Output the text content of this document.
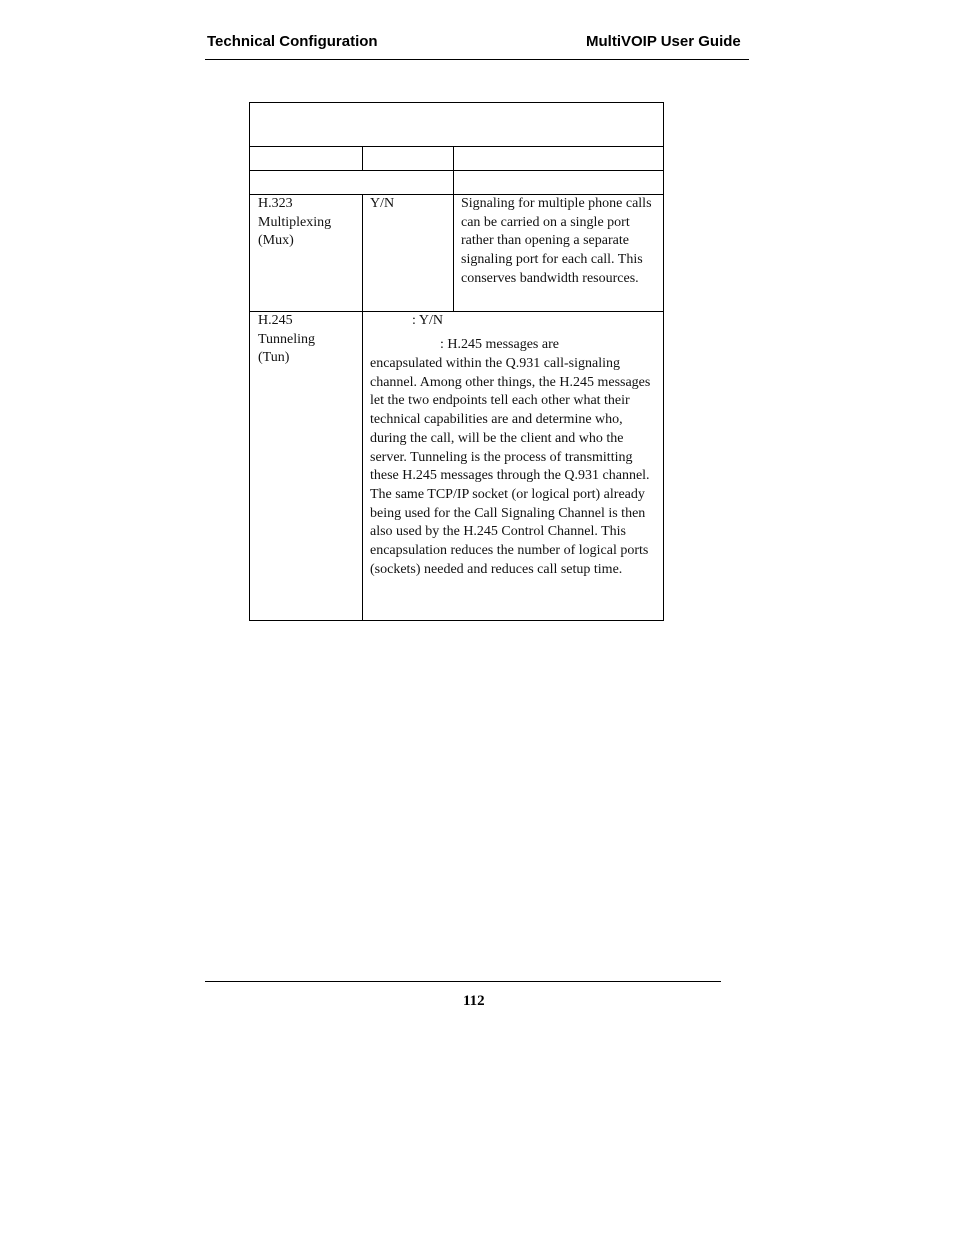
Technical Configuration	MultiVOIP User Guide
H.323
Multiplexing
(Mux)
Y/N	Signaling for multiple phone calls can be carried on a single port rather than opening a separate signaling port for each call. This conserves bandwidth resources.
H.245
Tunneling
(Tun)
: Y/N
: H.245 messages are
encapsulated within the Q.931 call-signaling channel. Among other things, the H.245 messages let the two endpoints tell each other what their technical capabilities are and determine who, during the call, will be the client and who the server. Tunneling is the process of transmitting these H.245 messages through the Q.931 channel. The same TCP/IP socket (or logical port) already being used for the Call Signaling Channel is then also used by the H.245 Control Channel. This encapsulation reduces the number of logical ports (sockets) needed and reduces call setup time.
112
